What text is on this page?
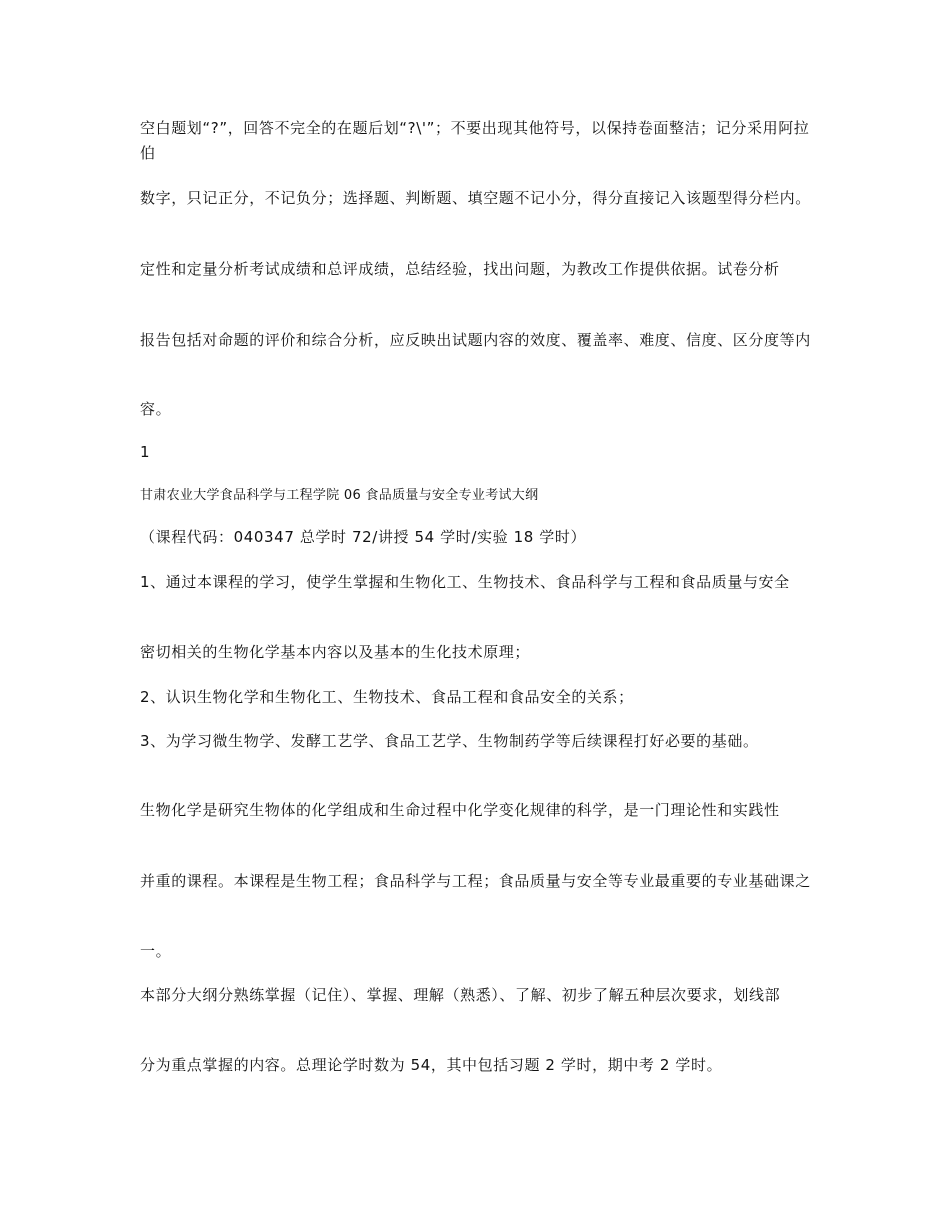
空白题划“?”，回答不完全的在题后划“?\'”；不要出现其他符号，以保持卷面整洁；记分采用阿拉伯
数字，只记正分，不记负分；选择题、判断题、填空题不记小分，得分直接记入该题型得分栏内。
定性和定量分析考试成绩和总评成绩，总结经验，找出问题，为教改工作提供依据。试卷分析
报告包括对命题的评价和综合分析，应反映出试题内容的效度、覆盖率、难度、信度、区分度等内
容。
1
甘肃农业大学食品科学与工程学院 06 食品质量与安全专业考试大纲
（课程代码：040347 总学时 72/讲授 54 学时/实验 18 学时）
1、通过本课程的学习，使学生掌握和生物化工、生物技术、食品科学与工程和食品质量与安全
密切相关的生物化学基本内容以及基本的生化技术原理；
2、认识生物化学和生物化工、生物技术、食品工程和食品安全的关系；
3、为学习微生物学、发酵工艺学、食品工艺学、生物制药学等后续课程打好必要的基础。
生物化学是研究生物体的化学组成和生命过程中化学变化规律的科学，是一门理论性和实践性
并重的课程。本课程是生物工程；食品科学与工程；食品质量与安全等专业最重要的专业基础课之
一。
本部分大纲分熟练掌握（记住）、掌握、理解（熟悉）、了解、初步了解五种层次要求，划线部
分为重点掌握的内容。总理论学时数为 54，其中包括习题 2 学时，期中考 2 学时。
